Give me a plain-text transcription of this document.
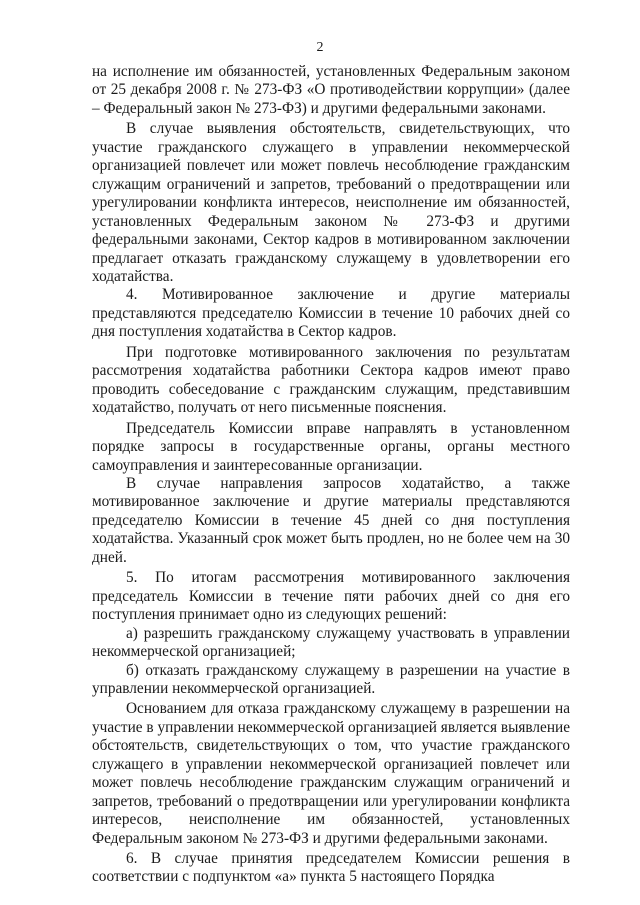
2

на исполнение им обязанностей, установленных Федеральным законом от 25 декабря 2008 г. № 273-ФЗ «О противодействии коррупции» (далее – Федеральный закон № 273-ФЗ) и другими федеральными законами.

В случае выявления обстоятельств, свидетельствующих, что участие гражданского служащего в управлении некоммерческой организацией повлечет или может повлечь несоблюдение гражданским служащим ограничений и запретов, требований о предотвращении или урегулировании конфликта интересов, неисполнение им обязанностей, установленных Федеральным законом № 273-ФЗ и другими федеральными законами, Сектор кадров в мотивированном заключении предлагает отказать гражданскому служащему в удовлетворении его ходатайства.

4. Мотивированное заключение и другие материалы представляются председателю Комиссии в течение 10 рабочих дней со дня поступления ходатайства в Сектор кадров.

При подготовке мотивированного заключения по результатам рассмотрения ходатайства работники Сектора кадров имеют право проводить собеседование с гражданским служащим, представившим ходатайство, получать от него письменные пояснения.

Председатель Комиссии вправе направлять в установленном порядке запросы в государственные органы, органы местного самоуправления и заинтересованные организации.

В случае направления запросов ходатайство, а также мотивированное заключение и другие материалы представляются председателю Комиссии в течение 45 дней со дня поступления ходатайства. Указанный срок может быть продлен, но не более чем на 30 дней.

5. По итогам рассмотрения мотивированного заключения председатель Комиссии в течение пяти рабочих дней со дня его поступления принимает одно из следующих решений:

а) разрешить гражданскому служащему участвовать в управлении некоммерческой организацией;

б) отказать гражданскому служащему в разрешении на участие в управлении некоммерческой организацией.

Основанием для отказа гражданскому служащему в разрешении на участие в управлении некоммерческой организацией является выявление обстоятельств, свидетельствующих о том, что участие гражданского служащего в управлении некоммерческой организацией повлечет или может повлечь несоблюдение гражданским служащим ограничений и запретов, требований о предотвращении или урегулировании конфликта интересов, неисполнение им обязанностей, установленных Федеральным законом № 273-ФЗ и другими федеральными законами.

6. В случае принятия председателем Комиссии решения в соответствии с подпунктом «а» пункта 5 настоящего Порядка
